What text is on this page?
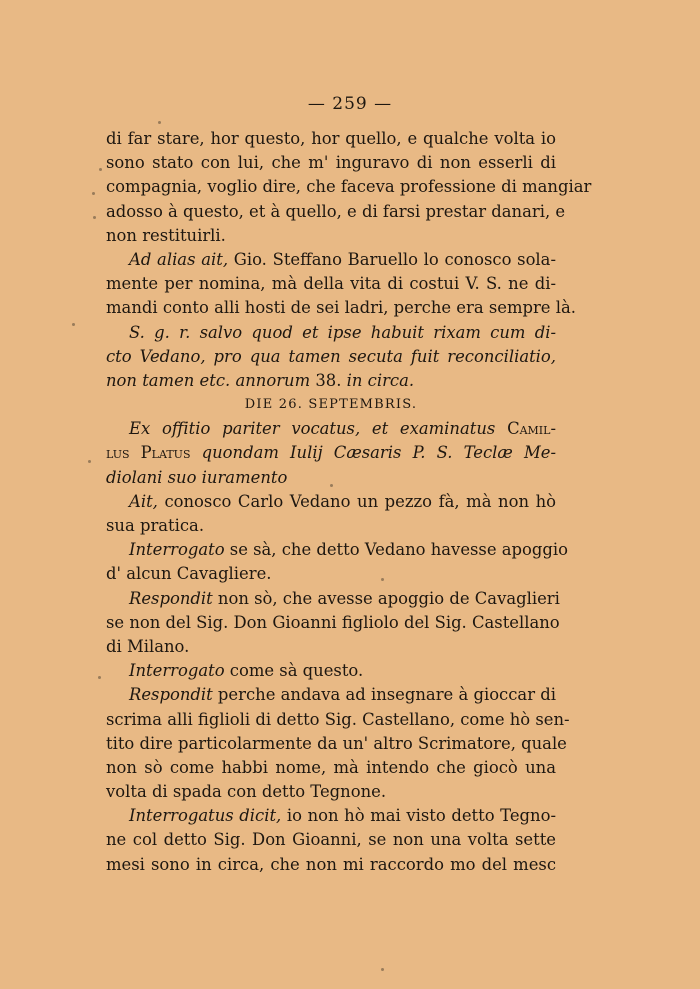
— 259 —
di far stare, hor questo, hor quello, e qualche volta io
sono stato con lui, che m' inguravo di non esserli di
compagnia, voglio dire, che faceva professione di mangiar
adosso à questo, et à quello, e di farsi prestar danari, e
non restituirli.
Ad alias ait, Gio. Steffano Baruello lo conosco sola-
mente per nomina, mà della vita di costui V. S. ne di-
mandi conto alli hosti de sei ladri, perche era sempre là.
S. g. r. salvo quod et ipse habuit rixam cum di-
cto Vedano, pro qua tamen secuta fuit reconciliatio,
non tamen etc. annorum 38. in circa.
DIE 26. SEPTEMBRIS.
Ex offitio pariter vocatus, et examinatus Camil-
lus Platus quondam Iulij Cæsaris P. S. Teclæ Me-
diolani suo iuramento
Ait, conosco Carlo Vedano un pezzo fà, mà non hò
sua pratica.
Interrogato se sà, che detto Vedano havesse apoggio
d' alcun Cavagliere.
Respondit non sò, che avesse apoggio de Cavaglieri
se non del Sig. Don Gioanni figliolo del Sig. Castellano
di Milano.
Interrogato come sà questo.
Respondit perche andava ad insegnare à gioccar di
scrima alli figlioli di detto Sig. Castellano, come hò sen-
tito dire particolarmente da un' altro Scrimatore, quale
non sò come habbi nome, mà intendo che giocò una
volta di spada con detto Tegnone.
Interrogatus dicit, io non hò mai visto detto Tegno-
ne col detto Sig. Don Gioanni, se non una volta sette
mesi sono in circa, che non mi raccordo mo del mesc
